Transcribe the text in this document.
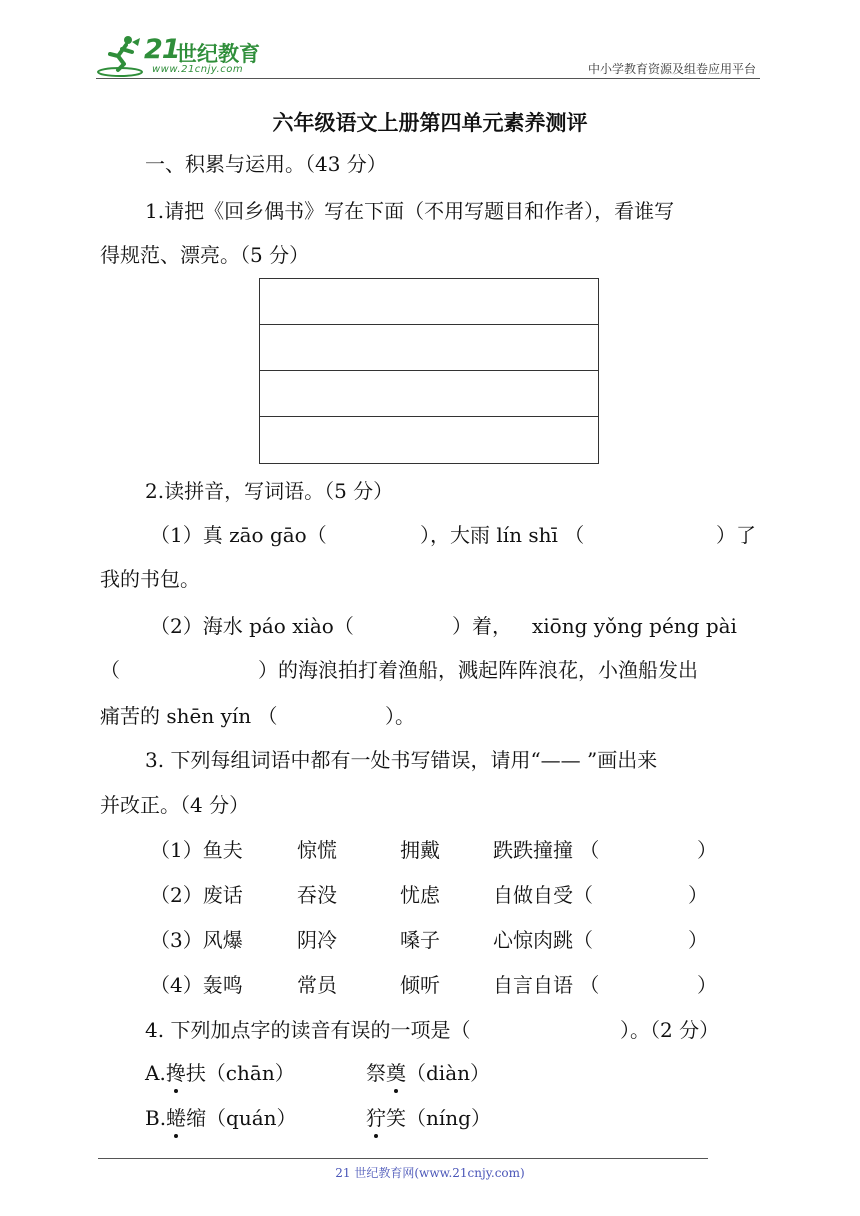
21
世纪教育
www.21cnjy.com	中小学教育资源及组卷应用平台
六年级语文上册第四单元素养测评
一、积累与运用。（43 分）
1.请把《回乡偶书》写在下面（不用写题目和作者），看谁写
得规范、漂亮。（5 分）
2.读拼音，写词语。（5 分）
（1）真 zāo gāo（	），大雨 lín shī （	）了
我的书包。
（2）海水 páo xiào（	）着， xiōng yǒng péng pài
（	）的海浪拍打着渔船，溅起阵阵浪花，小渔船发出
痛苦的 shēn yín （	）。
3. 下列每组词语中都有一处书写错误，请用“—— ”画出来
并改正。（4 分）
（1）鱼夫	惊慌	拥戴	跌跌撞撞 （	）
（2）废话	吞没	忧虑	自做自受（	）
（3）风爆	阴冷	嗓子	心惊肉跳（	）
（4）轰鸣	常员	倾听	自言自语 （	）
4. 下列加点字的读音有误的一项是（	）。（2 分）
A.搀扶（chān）	祭奠（diàn）
B.蜷缩（quán）	狞笑（níng）
21 世纪教育网(www.21cnjy.com)
